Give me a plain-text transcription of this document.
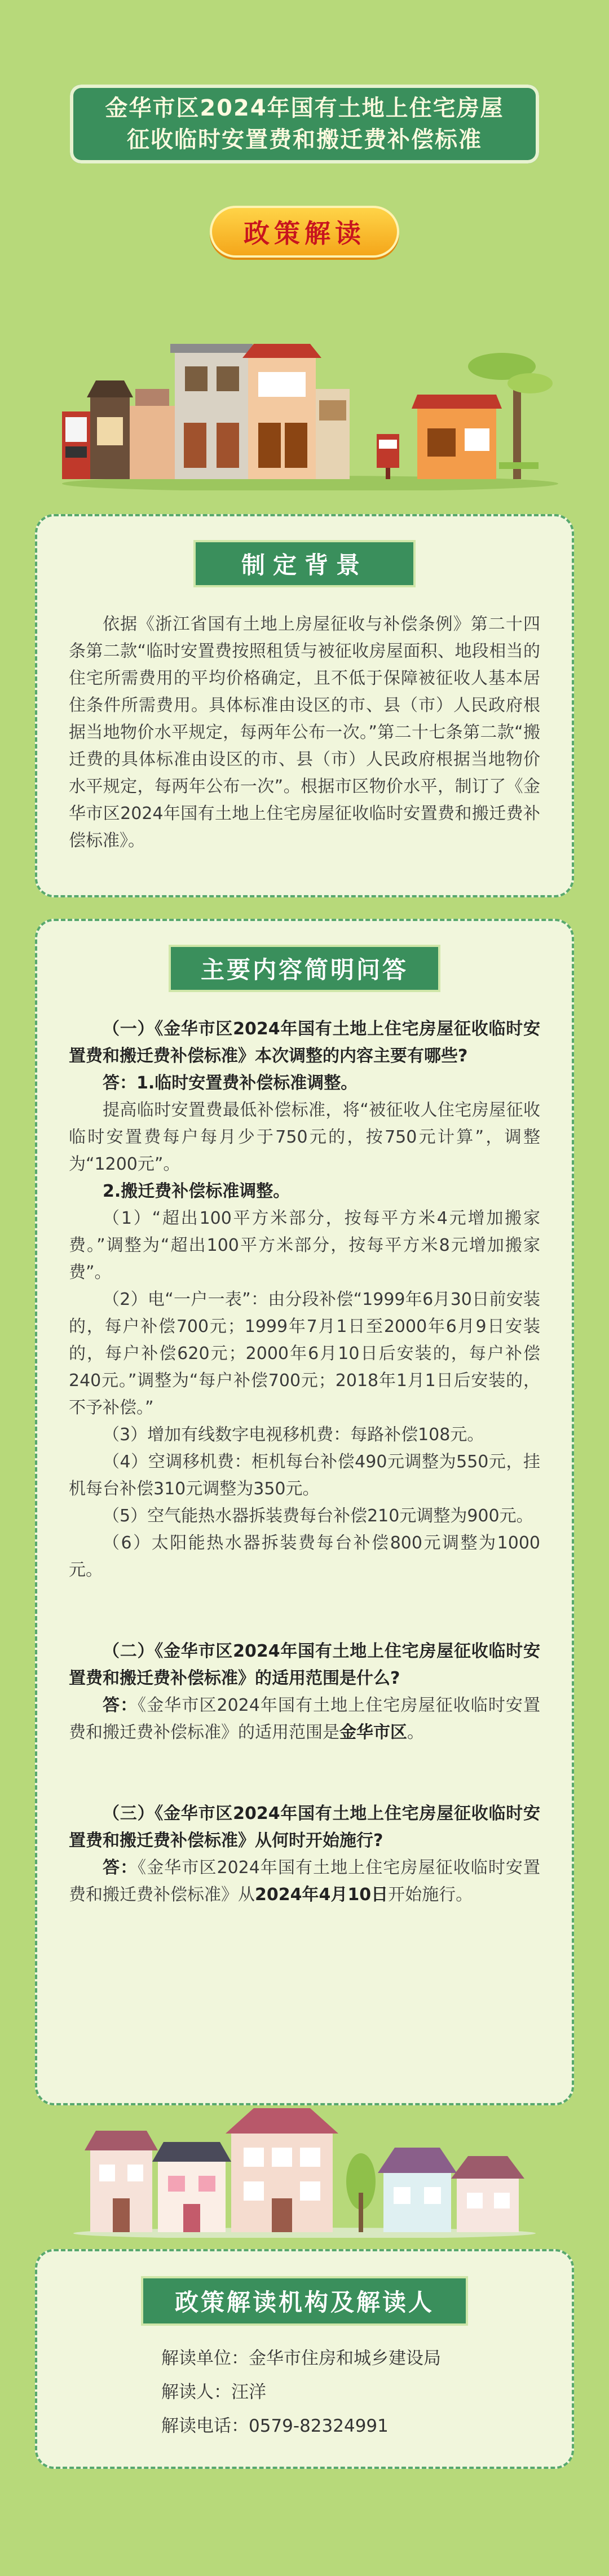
金华市区2024年国有土地上住宅房屋
征收临时安置费和搬迁费补偿标准
政策解读
制定背景
依据《浙江省国有土地上房屋征收与补偿条例》第二十四条第二款“临时安置费按照租赁与被征收房屋面积、地段相当的住宅所需费用的平均价格确定，且不低于保障被征收人基本居住条件所需费用。具体标准由设区的市、县（市）人民政府根据当地物价水平规定，每两年公布一次。”第二十七条第二款“搬迁费的具体标准由设区的市、县（市）人民政府根据当地物价水平规定，每两年公布一次”。根据市区物价水平，制订了《金华市区2024年国有土地上住宅房屋征收临时安置费和搬迁费补偿标准》。
主要内容简明问答

（一）《金华市区2024年国有土地上住宅房屋征收临时安置费和搬迁费补偿标准》本次调整的内容主要有哪些?

答：1.临时安置费补偿标准调整。

提高临时安置费最低补偿标准，将“被征收人住宅房屋征收临时安置费每户每月少于750元的，按750元计算”，调整为“1200元”。

2.搬迁费补偿标准调整。

（1）“超出100平方米部分，按每平方米4元增加搬家费。”调整为“超出100平方米部分，按每平方米8元增加搬家费”。

（2）电“一户一表”：由分段补偿“1999年6月30日前安装的，每户补偿700元；1999年7月1日至2000年6月9日安装的，每户补偿620元；2000年6月10日后安装的，每户补偿240元。”调整为“每户补偿700元；2018年1月1日后安装的，不予补偿。”

（3）增加有线数字电视移机费：每路补偿108元。

（4）空调移机费：柜机每台补偿490元调整为550元，挂机每台补偿310元调整为350元。

（5）空气能热水器拆装费每台补偿210元调整为900元。

（6）太阳能热水器拆装费每台补偿800元调整为1000元。

（二）《金华市区2024年国有土地上住宅房屋征收临时安置费和搬迁费补偿标准》的适用范围是什么?

答：《金华市区2024年国有土地上住宅房屋征收临时安置费和搬迁费补偿标准》的适用范围是金华市区。

（三）《金华市区2024年国有土地上住宅房屋征收临时安置费和搬迁费补偿标准》从何时开始施行?

答：《金华市区2024年国有土地上住宅房屋征收临时安置费和搬迁费补偿标准》从2024年4月10日开始施行。

政策解读机构及解读人
解读单位：金华市住房和城乡建设局
解读人：汪洋
解读电话：0579-82324991
